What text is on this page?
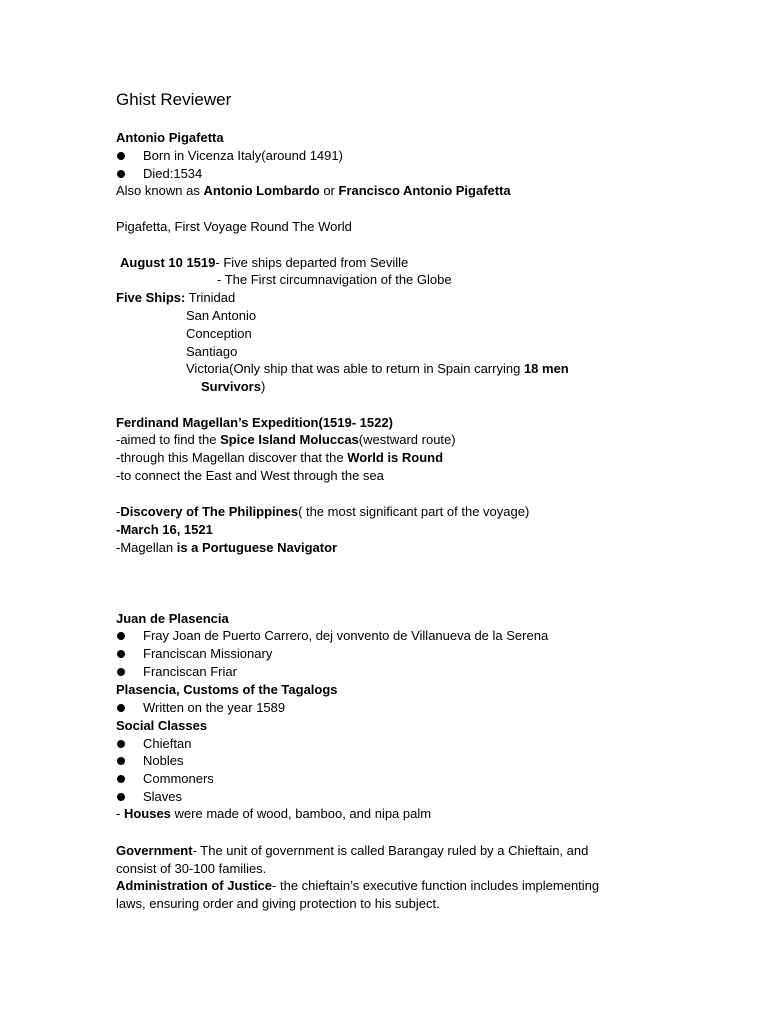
Ghist Reviewer
Antonio Pigafetta
Born in Vicenza Italy(around 1491)
Died:1534
Also known as Antonio Lombardo or Francisco Antonio Pigafetta
Pigafetta, First Voyage Round The World
August 10 1519- Five ships departed from Seville
- The First circumnavigation of the Globe
Five Ships: Trinidad
San Antonio
Conception
Santiago
Victoria(Only ship that was able to return in Spain carrying 18 men
Survivors)
Ferdinand Magellan’s Expedition(1519- 1522)
-aimed to find the Spice Island Moluccas(westward route)
-through this Magellan discover that the World is Round
-to connect the East and West through the sea
-Discovery of The Philippines( the most significant part of the voyage)
-March 16, 1521
-Magellan is a Portuguese Navigator
Juan de Plasencia
Fray Joan de Puerto Carrero, dej vonvento de Villanueva de la Serena
Franciscan Missionary
Franciscan Friar
Plasencia, Customs of the Tagalogs
Written on the year 1589
Social Classes
Chieftan
Nobles
Commoners
Slaves
- Houses were made of wood, bamboo, and nipa palm
Government- The unit of government is called Barangay ruled by a Chieftain, and
consist of 30-100 families.
Administration of Justice- the chieftain’s executive function includes implementing
laws, ensuring order and giving protection to his subject.
